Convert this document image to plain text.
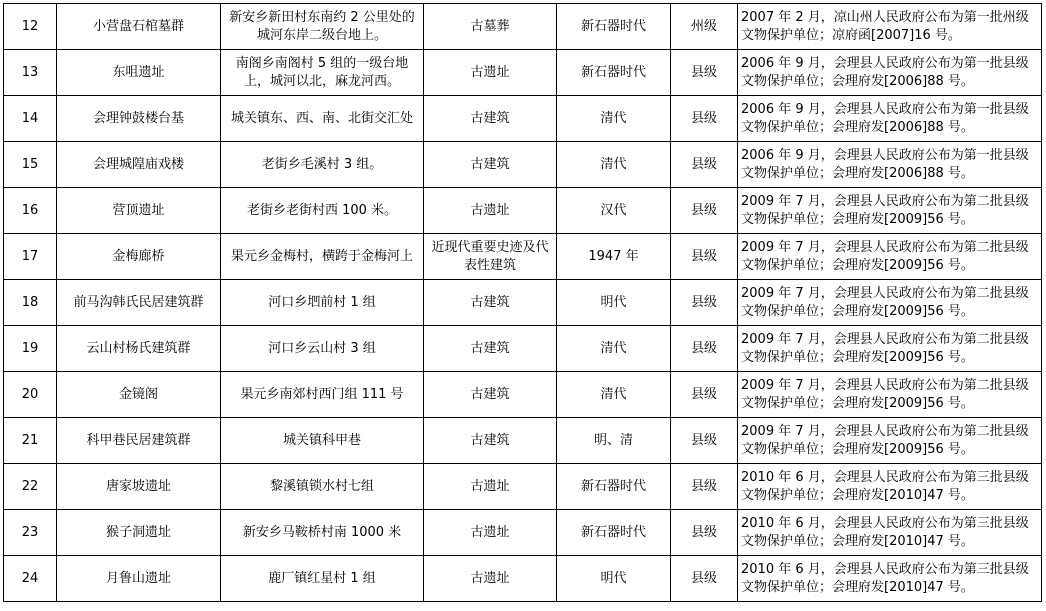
12	小营盘石棺墓群	新安乡新田村东南约 2 公里处的城河东岸二级台地上。	古墓葬	新石器时代	州级	2007 年 2 月，凉山州人民政府公布为第一批州级文物保护单位；凉府函[2007]16 号。
13	东咀遗址	南阁乡南阁村 5 组的一级台地上，城河以北，麻龙河西。	古遗址	新石器时代	县级	2006 年 9 月，会理县人民政府公布为第一批县级文物保护单位；会理府发[2006]88 号。
14	会理钟鼓楼台基	城关镇东、西、南、北街交汇处	古建筑	清代	县级	2006 年 9 月，会理县人民政府公布为第一批县级文物保护单位；会理府发[2006]88 号。
15	会理城隍庙戏楼	老街乡毛溪村 3 组。	古建筑	清代	县级	2006 年 9 月，会理县人民政府公布为第一批县级文物保护单位；会理府发[2006]88 号。
16	营顶遗址	老街乡老街村西 100 米。	古遗址	汉代	县级	2009 年 7 月，会理县人民政府公布为第二批县级文物保护单位；会理府发[2009]56 号。
17	金梅廊桥	果元乡金梅村，横跨于金梅河上	近现代重要史迹及代表性建筑	1947 年	县级	2009 年 7 月，会理县人民政府公布为第二批县级文物保护单位；会理府发[2009]56 号。
18	前马沟韩氏民居建筑群	河口乡垇前村 1 组	古建筑	明代	县级	2009 年 7 月，会理县人民政府公布为第二批县级文物保护单位；会理府发[2009]56 号。
19	云山村杨氏建筑群	河口乡云山村 3 组	古建筑	清代	县级	2009 年 7 月，会理县人民政府公布为第二批县级文物保护单位；会理府发[2009]56 号。
20	金镜阁	果元乡南郊村西门组 111 号	古建筑	清代	县级	2009 年 7 月，会理县人民政府公布为第二批县级文物保护单位；会理府发[2009]56 号。
21	科甲巷民居建筑群	城关镇科甲巷	古建筑	明、清	县级	2009 年 7 月，会理县人民政府公布为第二批县级文物保护单位；会理府发[2009]56 号。
22	唐家坡遗址	黎溪镇锁水村七组	古遗址	新石器时代	县级	2010 年 6 月，会理县人民政府公布为第三批县级文物保护单位；会理府发[2010]47 号。
23	猴子洞遗址	新安乡马鞍桥村南 1000 米	古遗址	新石器时代	县级	2010 年 6 月，会理县人民政府公布为第三批县级文物保护单位；会理府发[2010]47 号。
24	月鲁山遗址	鹿厂镇红星村 1 组	古遗址	明代	县级	2010 年 6 月，会理县人民政府公布为第三批县级文物保护单位；会理府发[2010]47 号。
